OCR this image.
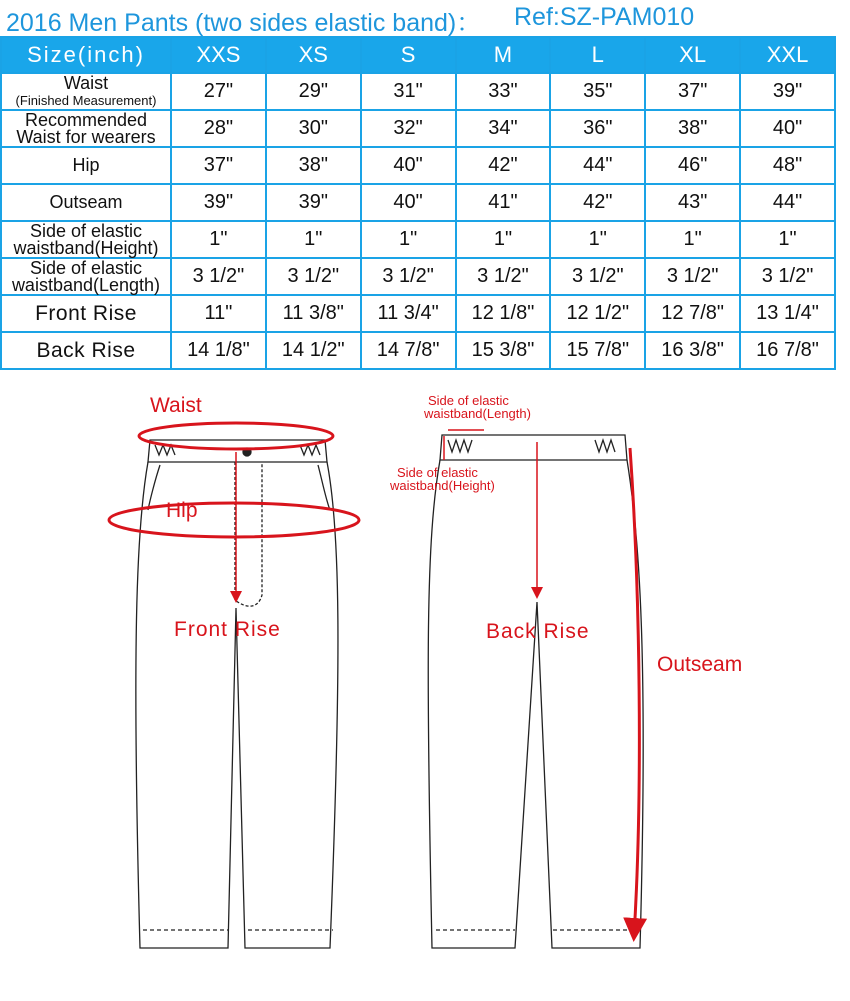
2016 Men Pants (two sides elastic band)： Ref:SZ-PAM010
Size(inch)	XXS	XS	S	M	L	XL	XXL

Waist
(Finished Measurement)	27"	29"	31"	33"	35"	37"	39"

Recommended
Waist for wearers	28"	30"	32"	34"	36"	38"	40"

Hip	37"	38"	40"	42"	44"	46"	48"

Outseam	39"	39"	40"	41"	42"	43"	44"

Side of elastic
waistband(Height)	1"	1"	1"	1"	1"	1"	1"

Side of elastic
waistband(Length)	3 1/2"	3 1/2"	3 1/2"	3 1/2"	3 1/2"	3 1/2"	3 1/2"

Front Rise	11"	11 3/8"	11 3/4"	12 1/8"	12 1/2"	12 7/8"	13 1/4"

Back Rise	14 1/8"	14 1/2"	14 7/8"	15 3/8"	15 7/8"	16 3/8"	16 7/8"
Waist
Hip
Front Rise	Back Rise
Outseam
Side of elastic
waistband(Length)
Side of elastic
waistband(Height)
